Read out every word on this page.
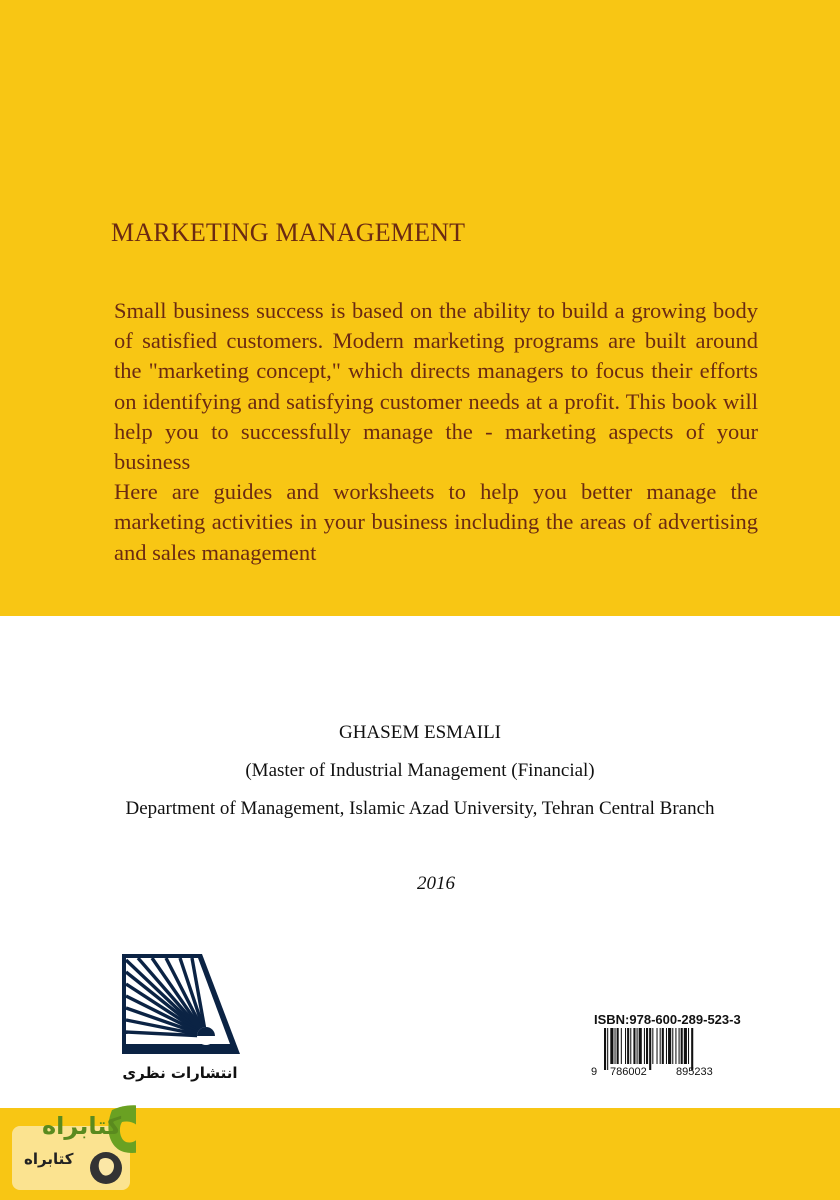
MARKETING MANAGEMENT

Small business success is based on the ability to build a growing body of satisfied customers. Modern marketing programs are built around the "marketing concept," which directs managers to focus their efforts on identifying and satisfying customer needs at a profit. This book will help you to successfully manage the - marketing aspects of your business

Here are guides and worksheets to help you better manage the marketing activities in your business including the areas of advertising and sales management

GHASEM ESMAILI
(Master of Industrial Management (Financial)
Department of Management, Islamic Azad University, Tehran Central Branch
2016
انتشارات نظری
ISBN:978-600-289-523-3
9 786002	895233
کتابراه
کتابراه
